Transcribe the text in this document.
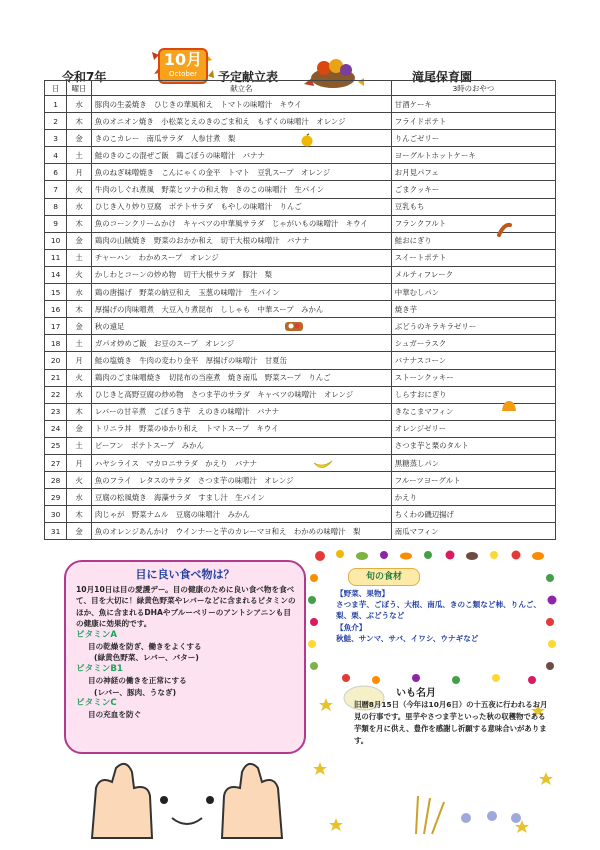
令和7年
10月
October	予定献立表	滝尾保育園
日	曜日	献立名	3時のおやつ
1	水	豚肉の生姜焼き　ひじきの華風和え　トマトの味噌汁　キウイ	甘酒ケーキ
2	木	魚のオニオン焼き　小松菜とえのきのごま和え　もずくの味噌汁　オレンジ	フライドポテト
3	金	きのこカレー　南瓜サラダ　人参甘煮　梨	りんごゼリー
4	土	鮭のきのこの混ぜご飯　鶏ごぼうの味噌汁　バナナ	ヨーグルトホットケーキ
6	月	魚のねぎ味噌焼き　こんにゃくの金平　トマト　豆乳スープ　オレンジ	お月見パフェ
7	火	牛肉のしぐれ煮風　野菜とツナの和え物　きのこの味噌汁　生パイン	ごまクッキー
8	水	ひじき入り炒り豆腐　ポテトサラダ　もやしの味噌汁　りんご	豆乳もち
9	木	魚のコーンクリームかけ　キャベツの中華風サラダ　じゃがいもの味噌汁　キウイ	フランクフルト
10	金	鶏肉の山賊焼き　野菜のおかか和え　切干大根の味噌汁　バナナ	鮭おにぎり
11	土	チャーハン　わかめスープ　オレンジ	スイートポテト
14	火	かしわとコーンの炒め物　切干大根サラダ　豚汁　梨	メルティフレーク
15	水	鶏の唐揚げ　野菜の納豆和え　玉葱の味噌汁　生パイン	中華むしパン
16	木	厚揚げの肉味噌煮　大豆入り煮昆布　ししゃも　中華スープ　みかん	焼き芋
17	金	秋の遠足	ぶどうのキラキラゼリー
18	土	ガパオ炒めご飯　お豆のスープ　オレンジ	シュガーラスク
20	月	鮭の塩焼き　牛肉の変わり金平　厚揚げの味噌汁　甘夏缶	バナナスコーン
21	火	鶏肉のごま味噌焼き　切昆布の当座煮　焼き南瓜　野菜スープ　りんご	ストーンクッキー
22	水	ひじきと高野豆腐の炒め物　さつま芋のサラダ　キャベツの味噌汁　オレンジ	しらすおにぎり
23	木	レバーの甘辛煮　ごぼうき芋　えのきの味噌汁　バナナ	きなこまマフィン
24	金	トリニラ丼　野菜のゆかり和え　トマトスープ　キウイ	オレンジゼリー
25	土	ビーフン　ポテトスープ　みかん	さつま芋と栗のタルト
27	月	ハヤシライス　マカロニサラダ　かえり　バナナ	黒糖蒸しパン
28	火	魚のフライ　レタスのサラダ　さつま芋の味噌汁　オレンジ	フルーツヨーグルト
29	水	豆腐の松風焼き　海藻サラダ　すまし汁　生パイン	かえり
30	木	肉じゃが　野菜ナムル　豆腐の味噌汁　みかん	ちくわの磯辺揚げ
31	金	魚のオレンジあんかけ　ウインナーと芋のカレーマヨ和え　わかめの味噌汁　梨	南瓜マフィン
目に良い食べ物は？
10月10日は目の愛護デー。目の健康のために良い食べ物を食べて、目を大切に！緑黄色野菜やレバーなどに含まれるビタミンのほか、魚に含まれるDHAやブルーベリーのアントシアニンも目の健康に効果的です。
ビタミンA
目の乾燥を防ぎ、働きをよくする
(緑黄色野菜、レバー、バター)
ビタミンB1
目の神経の働きを正常にする
(レバー、豚肉、うなぎ)
ビタミンC
目の充血を防ぐ
旬の食材
【野菜、果物】
さつま芋、ごぼう、大根、南瓜、きのこ類など柿、りんご、梨、栗、ぶどうなど
【魚介】
秋鮭、サンマ、サバ、イワシ、ウナギなど
いも名月
旧暦8月15日（今年は10月6日）の十五夜に行われるお月見の行事です。里芋やさつま芋といった秋の収穫物である芋類を月に供え、豊作を感謝し祈願する意味合いがあります。
